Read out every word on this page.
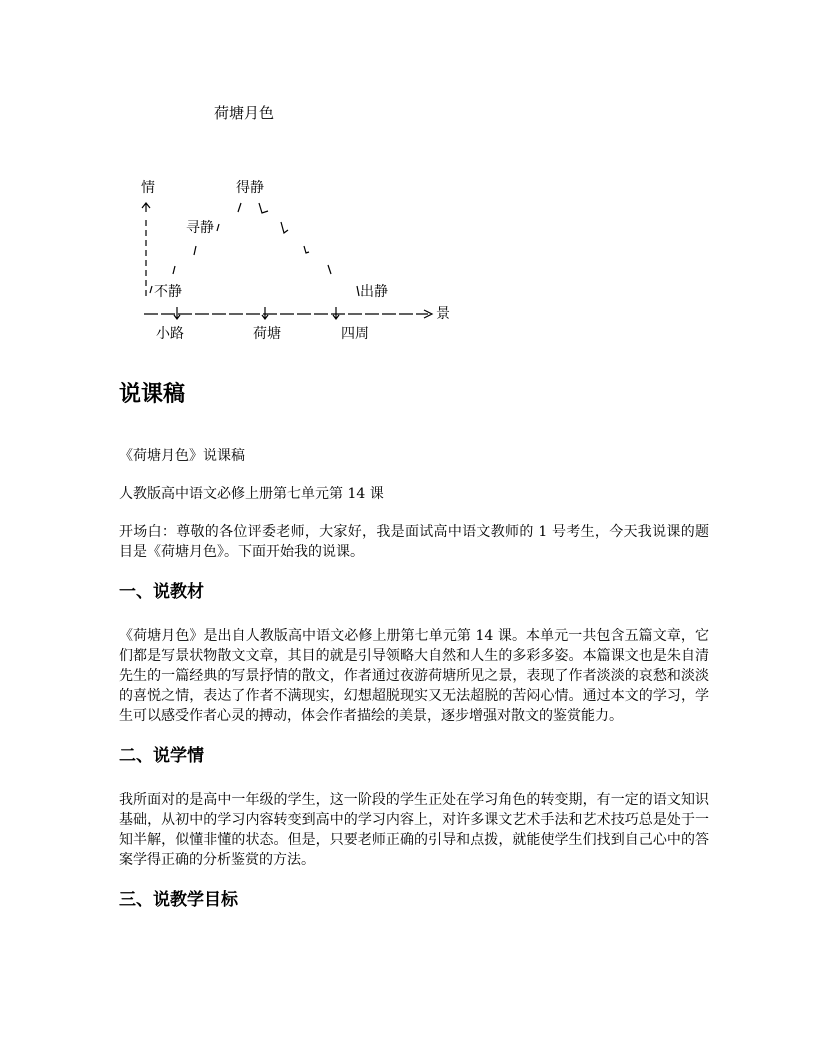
荷塘月色
情
景
小路	荷塘	四周
不静
寻静
得静
出静
说课稿

《荷塘月色》说课稿

人教版高中语文必修上册第七单元第 14 课

开场白：尊敬的各位评委老师，大家好，我是面试高中语文教师的 1 号考生，今天我说课的题目是《荷塘月色》。下面开始我的说课。

一、说教材

《荷塘月色》是出自人教版高中语文必修上册第七单元第 14 课。本单元一共包含五篇文章，它们都是写景状物散文文章，其目的就是引导领略大自然和人生的多彩多姿。本篇课文也是朱自清先生的一篇经典的写景抒情的散文，作者通过夜游荷塘所见之景，表现了作者淡淡的哀愁和淡淡的喜悦之情，表达了作者不满现实，幻想超脱现实又无法超脱的苦闷心情。通过本文的学习，学生可以感受作者心灵的搏动，体会作者描绘的美景，逐步增强对散文的鉴赏能力。

二、说学情

我所面对的是高中一年级的学生，这一阶段的学生正处在学习角色的转变期，有一定的语文知识基础，从初中的学习内容转变到高中的学习内容上，对许多课文艺术手法和艺术技巧总是处于一知半解，似懂非懂的状态。但是，只要老师正确的引导和点拨，就能使学生们找到自己心中的答案学得正确的分析鉴赏的方法。

三、说教学目标
